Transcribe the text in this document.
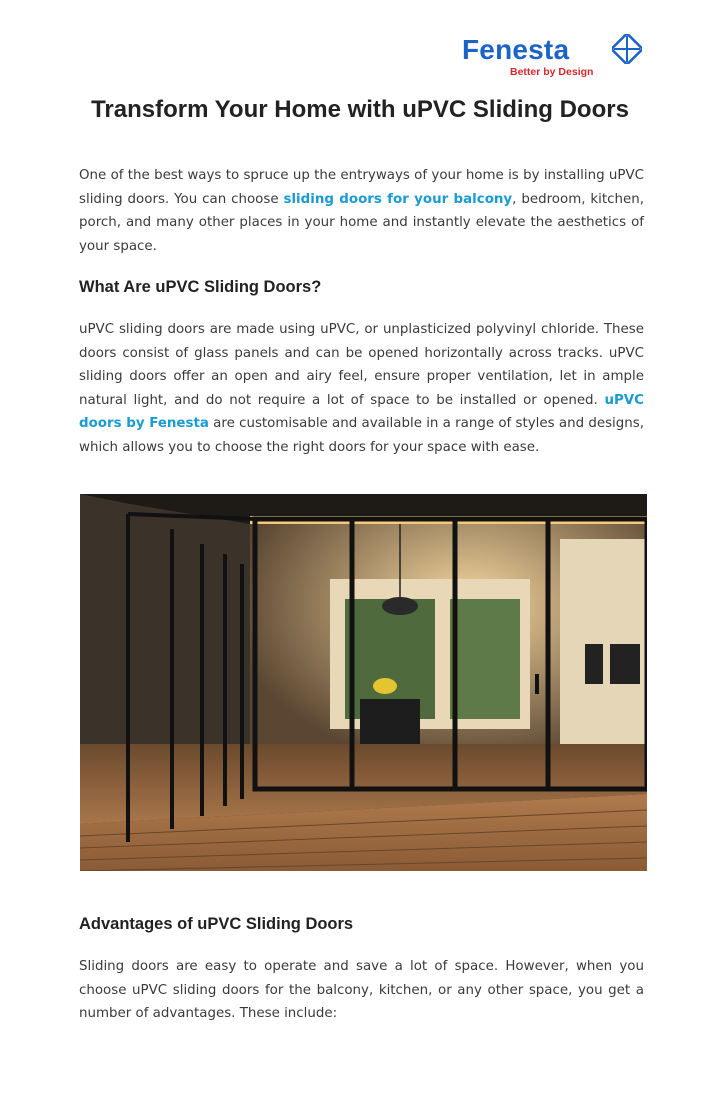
Fenesta
Better by Design
Transform Your Home with uPVC Sliding Doors

One of the best ways to spruce up the entryways of your home is by installing uPVC sliding doors. You can choose sliding doors for your balcony, bedroom, kitchen, porch, and many other places in your home and instantly elevate the aesthetics of your space.

What Are uPVC Sliding Doors?

uPVC sliding doors are made using uPVC, or unplasticized polyvinyl chloride. These doors consist of glass panels and can be opened horizontally across tracks. uPVC sliding doors offer an open and airy feel, ensure proper ventilation, let in ample natural light, and do not require a lot of space to be installed or opened. uPVC doors by Fenesta are customisable and available in a range of styles and designs, which allows you to choose the right doors for your space with ease.

Advantages of uPVC Sliding Doors

Sliding doors are easy to operate and save a lot of space. However, when you choose uPVC sliding doors for the balcony, kitchen, or any other space, you get a number of advantages. These include:
